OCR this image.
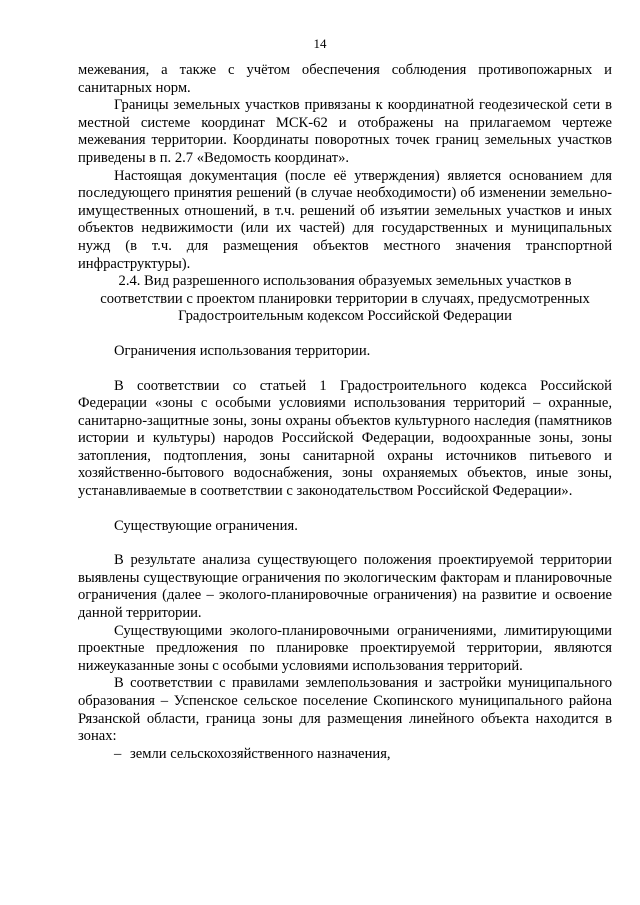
14

межевания, а также с учётом обеспечения соблюдения противопожарных и санитарных норм.

Границы земельных участков привязаны к координатной геодезической сети в местной системе координат МСК-62 и отображены на прилагаемом чертеже межевания территории. Координаты поворотных точек границ земельных участков приведены в п. 2.7 «Ведомость координат».

Настоящая документация (после её утверждения) является основанием для последующего принятия решений (в случае необходимости) об изменении земельно-имущественных отношений, в т.ч. решений об изъятии земельных участков и иных объектов недвижимости (или их частей) для государственных и муниципальных нужд (в т.ч. для размещения объектов местного значения транспортной инфраструктуры).

2.4. Вид разрешенного использования образуемых земельных участков в соответствии с проектом планировки территории в случаях, предусмотренных Градостроительным кодексом Российской Федерации

Ограничения использования территории.

В соответствии со статьей 1 Градостроительного кодекса Российской Федерации «зоны с особыми условиями использования территорий – охранные, санитарно-защитные зоны, зоны охраны объектов культурного наследия (памятников истории и культуры) народов Российской Федерации, водоохранные зоны, зоны затопления, подтопления, зоны санитарной охраны источников питьевого и хозяйственно-бытового водоснабжения, зоны охраняемых объектов, иные зоны, устанавливаемые в соответствии с законодательством Российской Федерации».

Существующие ограничения.

В результате анализа существующего положения проектируемой территории выявлены существующие ограничения по экологическим факторам и планировочные ограничения (далее – эколого-планировочные ограничения) на развитие и освоение данной территории.

Существующими эколого-планировочными ограничениями, лимитирующими проектные предложения по планировке проектируемой территории, являются нижеуказанные зоны с особыми условиями использования территорий.

В соответствии с правилами землепользования и застройки муниципального образования – Успенское сельское поселение Скопинского муниципального района Рязанской области, граница зоны для размещения линейного объекта находится в зонах:

– земли сельскохозяйственного назначения,
